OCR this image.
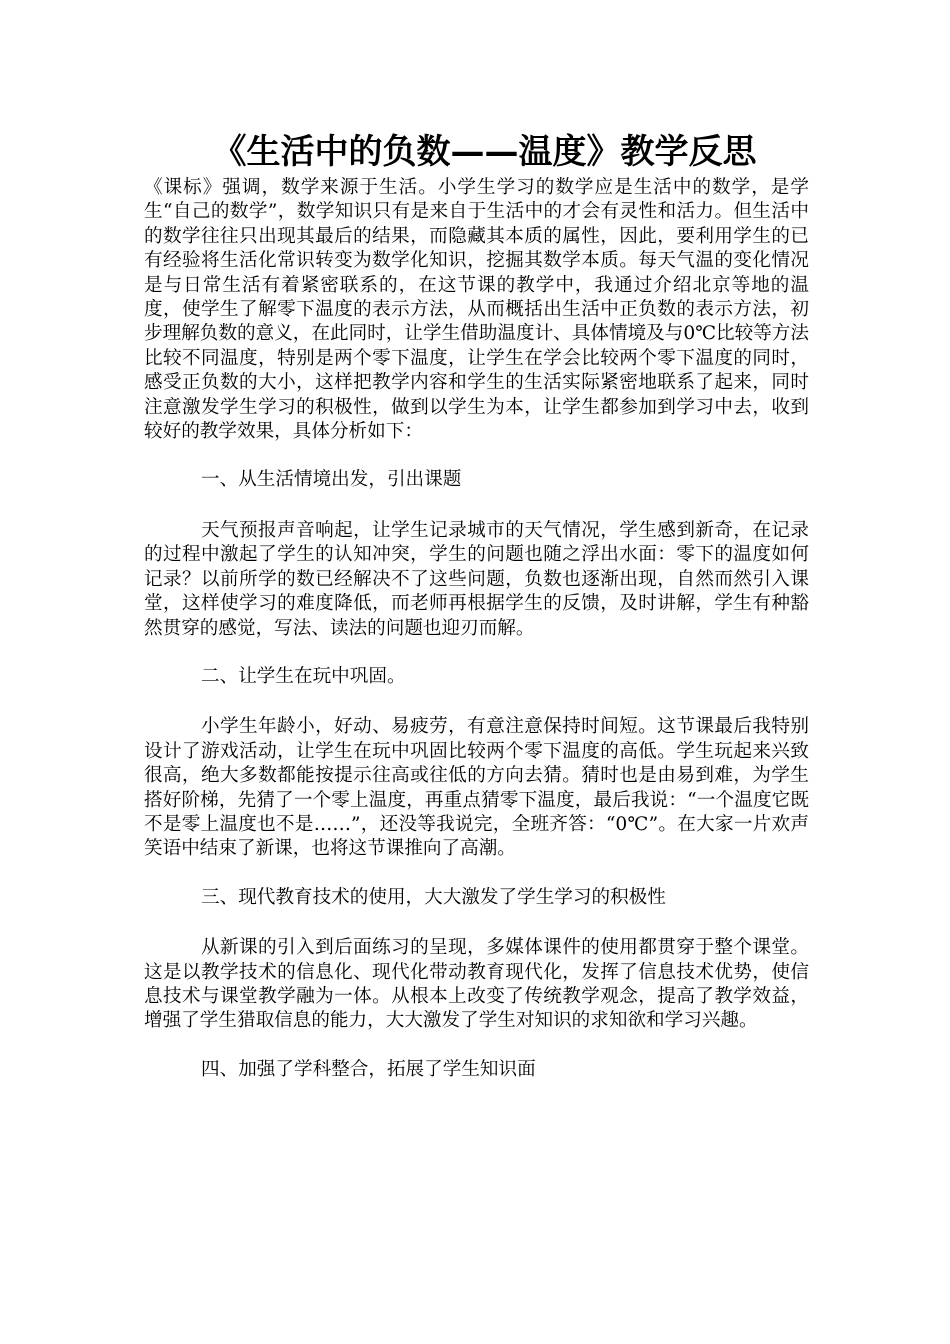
《生活中的负数——温度》教学反思

《课标》强调，数学来源于生活。小学生学习的数学应是生活中的数学，是学生“自己的数学”，数学知识只有是来自于生活中的才会有灵性和活力。但生活中的数学往往只出现其最后的结果，而隐藏其本质的属性，因此，要利用学生的已有经验将生活化常识转变为数学化知识，挖掘其数学本质。每天气温的变化情况是与日常生活有着紧密联系的，在这节课的教学中，我通过介绍北京等地的温度，使学生了解零下温度的表示方法，从而概括出生活中正负数的表示方法，初步理解负数的意义，在此同时，让学生借助温度计、具体情境及与0℃比较等方法比较不同温度，特别是两个零下温度，让学生在学会比较两个零下温度的同时，感受正负数的大小，这样把教学内容和学生的生活实际紧密地联系了起来，同时注意激发学生学习的积极性，做到以学生为本，让学生都参加到学习中去，收到较好的教学效果，具体分析如下：

一、从生活情境出发，引出课题

天气预报声音响起，让学生记录城市的天气情况，学生感到新奇，在记录的过程中激起了学生的认知冲突，学生的问题也随之浮出水面：零下的温度如何记录？以前所学的数已经解决不了这些问题，负数也逐渐出现，自然而然引入课堂，这样使学习的难度降低，而老师再根据学生的反馈，及时讲解，学生有种豁然贯穿的感觉，写法、读法的问题也迎刃而解。

二、让学生在玩中巩固。

小学生年龄小，好动、易疲劳，有意注意保持时间短。这节课最后我特别设计了游戏活动，让学生在玩中巩固比较两个零下温度的高低。学生玩起来兴致很高，绝大多数都能按提示往高或往低的方向去猜。猜时也是由易到难，为学生搭好阶梯，先猜了一个零上温度，再重点猜零下温度，最后我说：“一个温度它既不是零上温度也不是……”，还没等我说完，全班齐答：“0℃”。在大家一片欢声笑语中结束了新课，也将这节课推向了高潮。

三、现代教育技术的使用，大大激发了学生学习的积极性

从新课的引入到后面练习的呈现，多媒体课件的使用都贯穿于整个课堂。这是以教学技术的信息化、现代化带动教育现代化，发挥了信息技术优势，使信息技术与课堂教学融为一体。从根本上改变了传统教学观念，提高了教学效益，增强了学生猎取信息的能力，大大激发了学生对知识的求知欲和学习兴趣。

四、加强了学科整合，拓展了学生知识面
